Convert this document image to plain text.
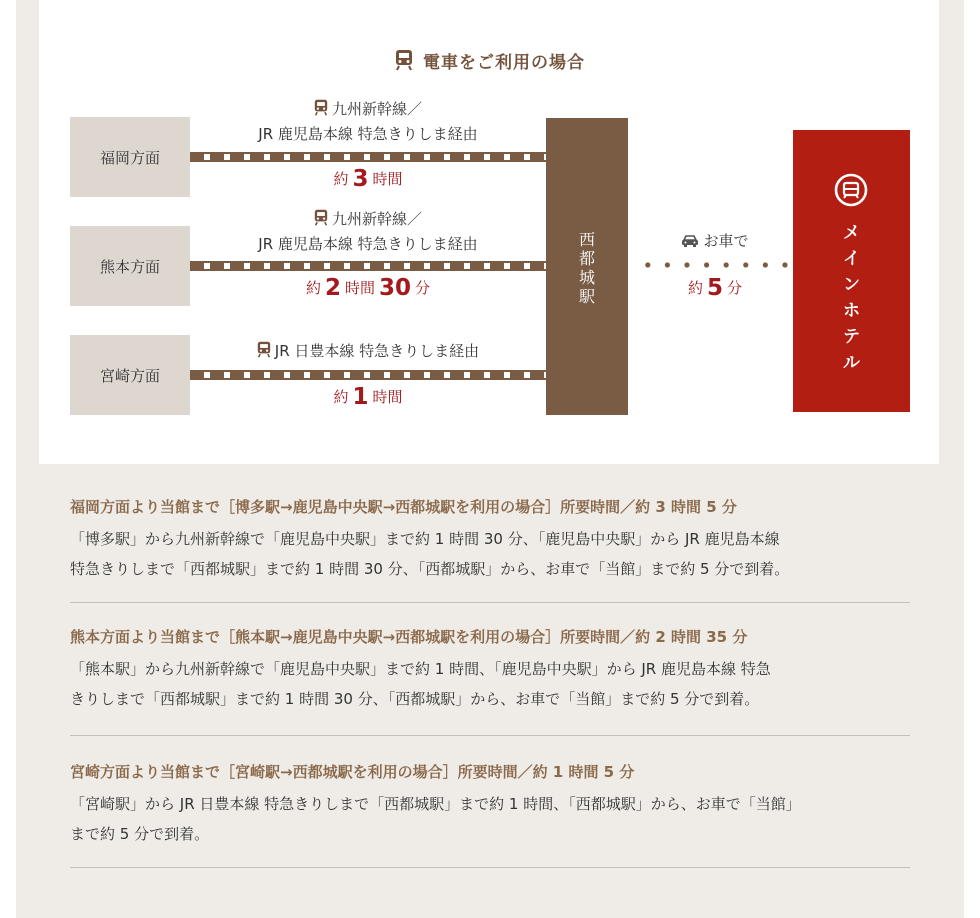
電車をご利用の場合
福岡方面
熊本方面
宮崎方面
九州新幹線／
JR 鹿児島本線 特急きりしま経由
約 3 時間
九州新幹線／
JR 鹿児島本線 特急きりしま経由
約 2 時間 30 分
JR 日豊本線 特急きりしま経由
約 1 時間
西都城駅
お車で
約 5 分
メインホテル
福岡方面より当館まで［博多駅→鹿児島中央駅→西都城駅を利用の場合］所要時間／約 3 時間 5 分

「博多駅」から九州新幹線で「鹿児島中央駅」まで約 1 時間 30 分、「鹿児島中央駅」から JR 鹿児島本線
特急きりしまで「西都城駅」まで約 1 時間 30 分、「西都城駅」から、お車で「当館」まで約 5 分で到着。

熊本方面より当館まで［熊本駅→鹿児島中央駅→西都城駅を利用の場合］所要時間／約 2 時間 35 分

「熊本駅」から九州新幹線で「鹿児島中央駅」まで約 1 時間、「鹿児島中央駅」から JR 鹿児島本線 特急
きりしまで「西都城駅」まで約 1 時間 30 分、「西都城駅」から、お車で「当館」まで約 5 分で到着。

宮崎方面より当館まで［宮崎駅→西都城駅を利用の場合］所要時間／約 1 時間 5 分

「宮崎駅」から JR 日豊本線 特急きりしまで「西都城駅」まで約 1 時間、「西都城駅」から、お車で「当館」
まで約 5 分で到着。
